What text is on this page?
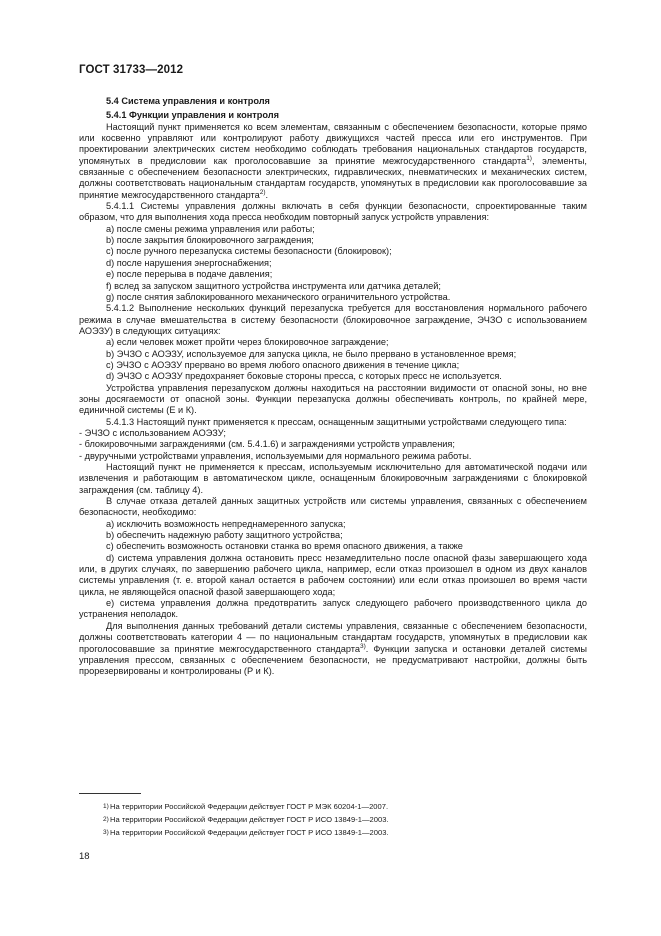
ГОСТ 31733—2012

5.4 Система управления и контроля

5.4.1 Функции управления и контроля

Настоящий пункт применяется ко всем элементам, связанным с обеспечением безопасности, которые прямо или косвенно управляют или контролируют работу движущихся частей пресса или его инструментов. При проектировании электрических систем необходимо соблюдать требования национальных стандартов государств, упомянутых в предисловии как проголосовавшие за принятие межгосударственного стандарта$^{1)}$, элементы, связанные с обеспечением безопасности электрических, гидравлических, пневматических и механических систем, должны соответствовать национальным стандартам государств, упомянутых в предисловии как проголосовавшие за принятие межгосударственного стандарта$^{2)}$.

5.4.1.1 Системы управления должны включать в себя функции безопасности, спроектированные таким образом, что для выполнения хода пресса необходим повторный запуск устройств управления:

a) после смены режима управления или работы;

b) после закрытия блокировочного заграждения;

c) после ручного перезапуска системы безопасности (блокировок);

d) после нарушения энергоснабжения;

e) после перерыва в подаче давления;

f) вслед за запуском защитного устройства инструмента или датчика деталей;

g) после снятия заблокированного механического ограничительного устройства.

5.4.1.2 Выполнение нескольких функций перезапуска требуется для восстановления нормального рабочего режима в случае вмешательства в систему безопасности (блокировочное заграждение, ЭЧЗО с использованием АОЭЗУ) в следующих ситуациях:

a) если человек может пройти через блокировочное заграждение;

b) ЭЧЗО с АОЭЗУ, используемое для запуска цикла, не было прервано в установленное время;

c) ЭЧЗО с АОЭЗУ прервано во время любого опасного движения в течение цикла;

d) ЭЧЗО с АОЭЗУ предохраняет боковые стороны пресса, с которых пресс не используется.

Устройства управления перезапуском должны находиться на расстоянии видимости от опасной зоны, но вне зоны досягаемости от опасной зоны. Функции перезапуска должны обеспечивать контроль, по крайней мере, единичной системы (Е и К).

5.4.1.3 Настоящий пункт применяется к прессам, оснащенным защитными устройствами следующего типа:

- ЭЧЗО с использованием АОЭЗУ;

- блокировочными заграждениями (см. 5.4.1.6) и заграждениями устройств управления;

- двуручными устройствами управления, используемыми для нормального режима работы.

Настоящий пункт не применяется к прессам, используемым исключительно для автоматической подачи или извлечения и работающим в автоматическом цикле, оснащенным блокировочным заграждениями с блокировкой заграждения (см. таблицу 4).

В случае отказа деталей данных защитных устройств или системы управления, связанных с обеспечением безопасности, необходимо:

a) исключить возможность непреднамеренного запуска;

b) обеспечить надежную работу защитного устройства;

c) обеспечить возможность остановки станка во время опасного движения, а также

d) система управления должна остановить пресс незамедлительно после опасной фазы завершающего хода или, в других случаях, по завершению рабочего цикла, например, если отказ произошел в одном из двух каналов системы управления (т. е. второй канал остается в рабочем состоянии) или если отказ произошел во время части цикла, не являющейся опасной фазой завершающего хода;

e) система управления должна предотвратить запуск следующего рабочего производственного цикла до устранения неполадок.

Для выполнения данных требований детали системы управления, связанные с обеспечением безопасности, должны соответствовать категории 4 — по национальным стандартам государств, упомянутых в предисловии как проголосовавшие за принятие межгосударственного стандарта$^{3)}$. Функции запуска и остановки деталей системы управления прессом, связанных с обеспечением безопасности, не предусматривают настройки, должны быть прорезервированы и контролированы (Р и К).

1) На территории Российской Федерации действует ГОСТ Р МЭК 60204-1—2007.
2) На территории Российской Федерации действует ГОСТ Р ИСО 13849-1—2003.
3) На территории Российской Федерации действует ГОСТ Р ИСО 13849-1—2003.
18
